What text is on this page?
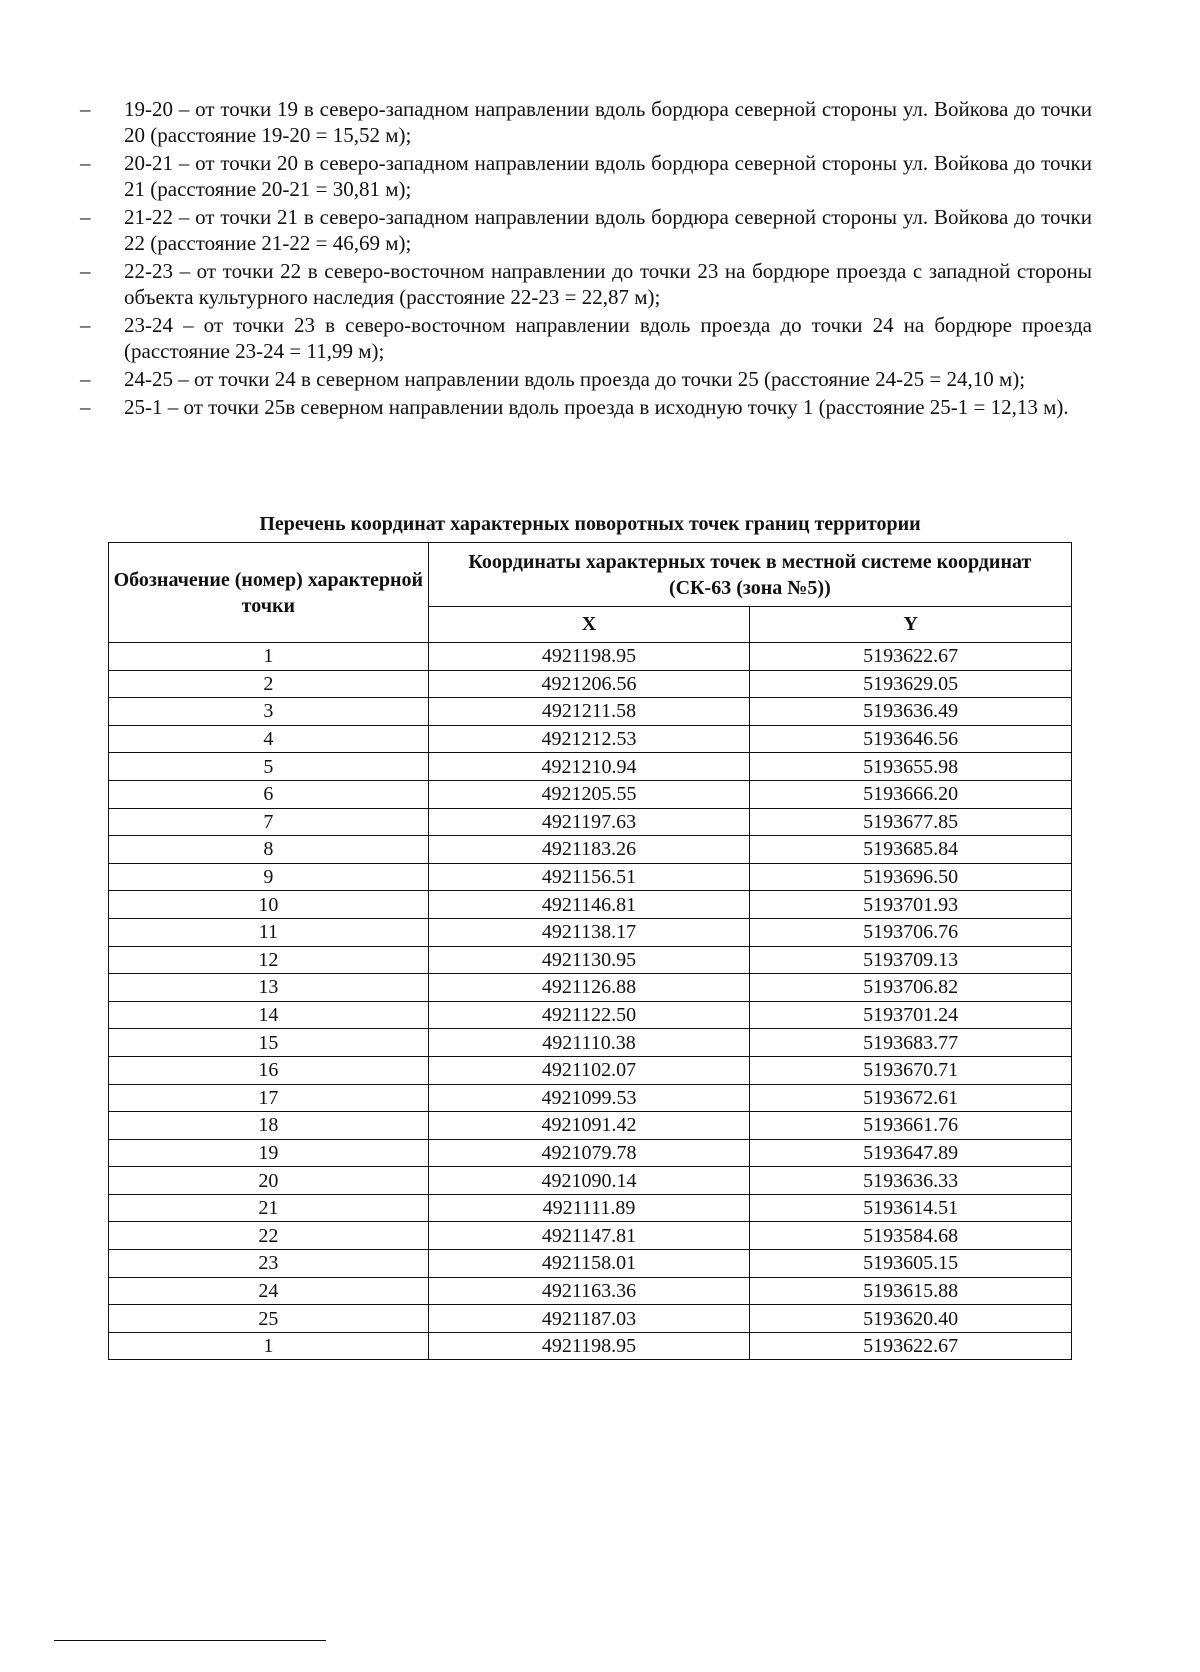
– 19-20 – от точки 19 в северо-западном направлении вдоль бордюра северной стороны ул. Войкова до точки 20 (расстояние 19-20 = 15,52 м);
– 20-21 – от точки 20 в северо-западном направлении вдоль бордюра северной стороны ул. Войкова до точки 21 (расстояние 20-21 = 30,81 м);
– 21-22 – от точки 21 в северо-западном направлении вдоль бордюра северной стороны ул. Войкова до точки 22 (расстояние 21-22 = 46,69 м);
– 22-23 – от точки 22 в северо-восточном направлении до точки 23 на бордюре проезда с западной стороны объекта культурного наследия (расстояние 22-23 = 22,87 м);
– 23-24 – от точки 23 в северо-восточном направлении вдоль проезда до точки 24 на бордюре проезда (расстояние 23-24 = 11,99 м);
– 24-25 – от точки 24 в северном направлении вдоль проезда до точки 25 (расстояние 24-25 = 24,10 м);
– 25-1 – от точки 25в северном направлении вдоль проезда в исходную точку 1 (расстояние 25-1 = 12,13 м).

Перечень координат характерных поворотных точек границ территории

Обозначение (номер) характерной точки	Координаты характерных точек в местной системе координат (СК-63 (зона №5))	
	X	Y
1	4921198.95	5193622.67
2	4921206.56	5193629.05
3	4921211.58	5193636.49
4	4921212.53	5193646.56
5	4921210.94	5193655.98
6	4921205.55	5193666.20
7	4921197.63	5193677.85
8	4921183.26	5193685.84
9	4921156.51	5193696.50
10	4921146.81	5193701.93
11	4921138.17	5193706.76
12	4921130.95	5193709.13
13	4921126.88	5193706.82
14	4921122.50	5193701.24
15	4921110.38	5193683.77
16	4921102.07	5193670.71
17	4921099.53	5193672.61
18	4921091.42	5193661.76
19	4921079.78	5193647.89
20	4921090.14	5193636.33
21	4921111.89	5193614.51
22	4921147.81	5193584.68
23	4921158.01	5193605.15
24	4921163.36	5193615.88
25	4921187.03	5193620.40
1	4921198.95	5193622.67
